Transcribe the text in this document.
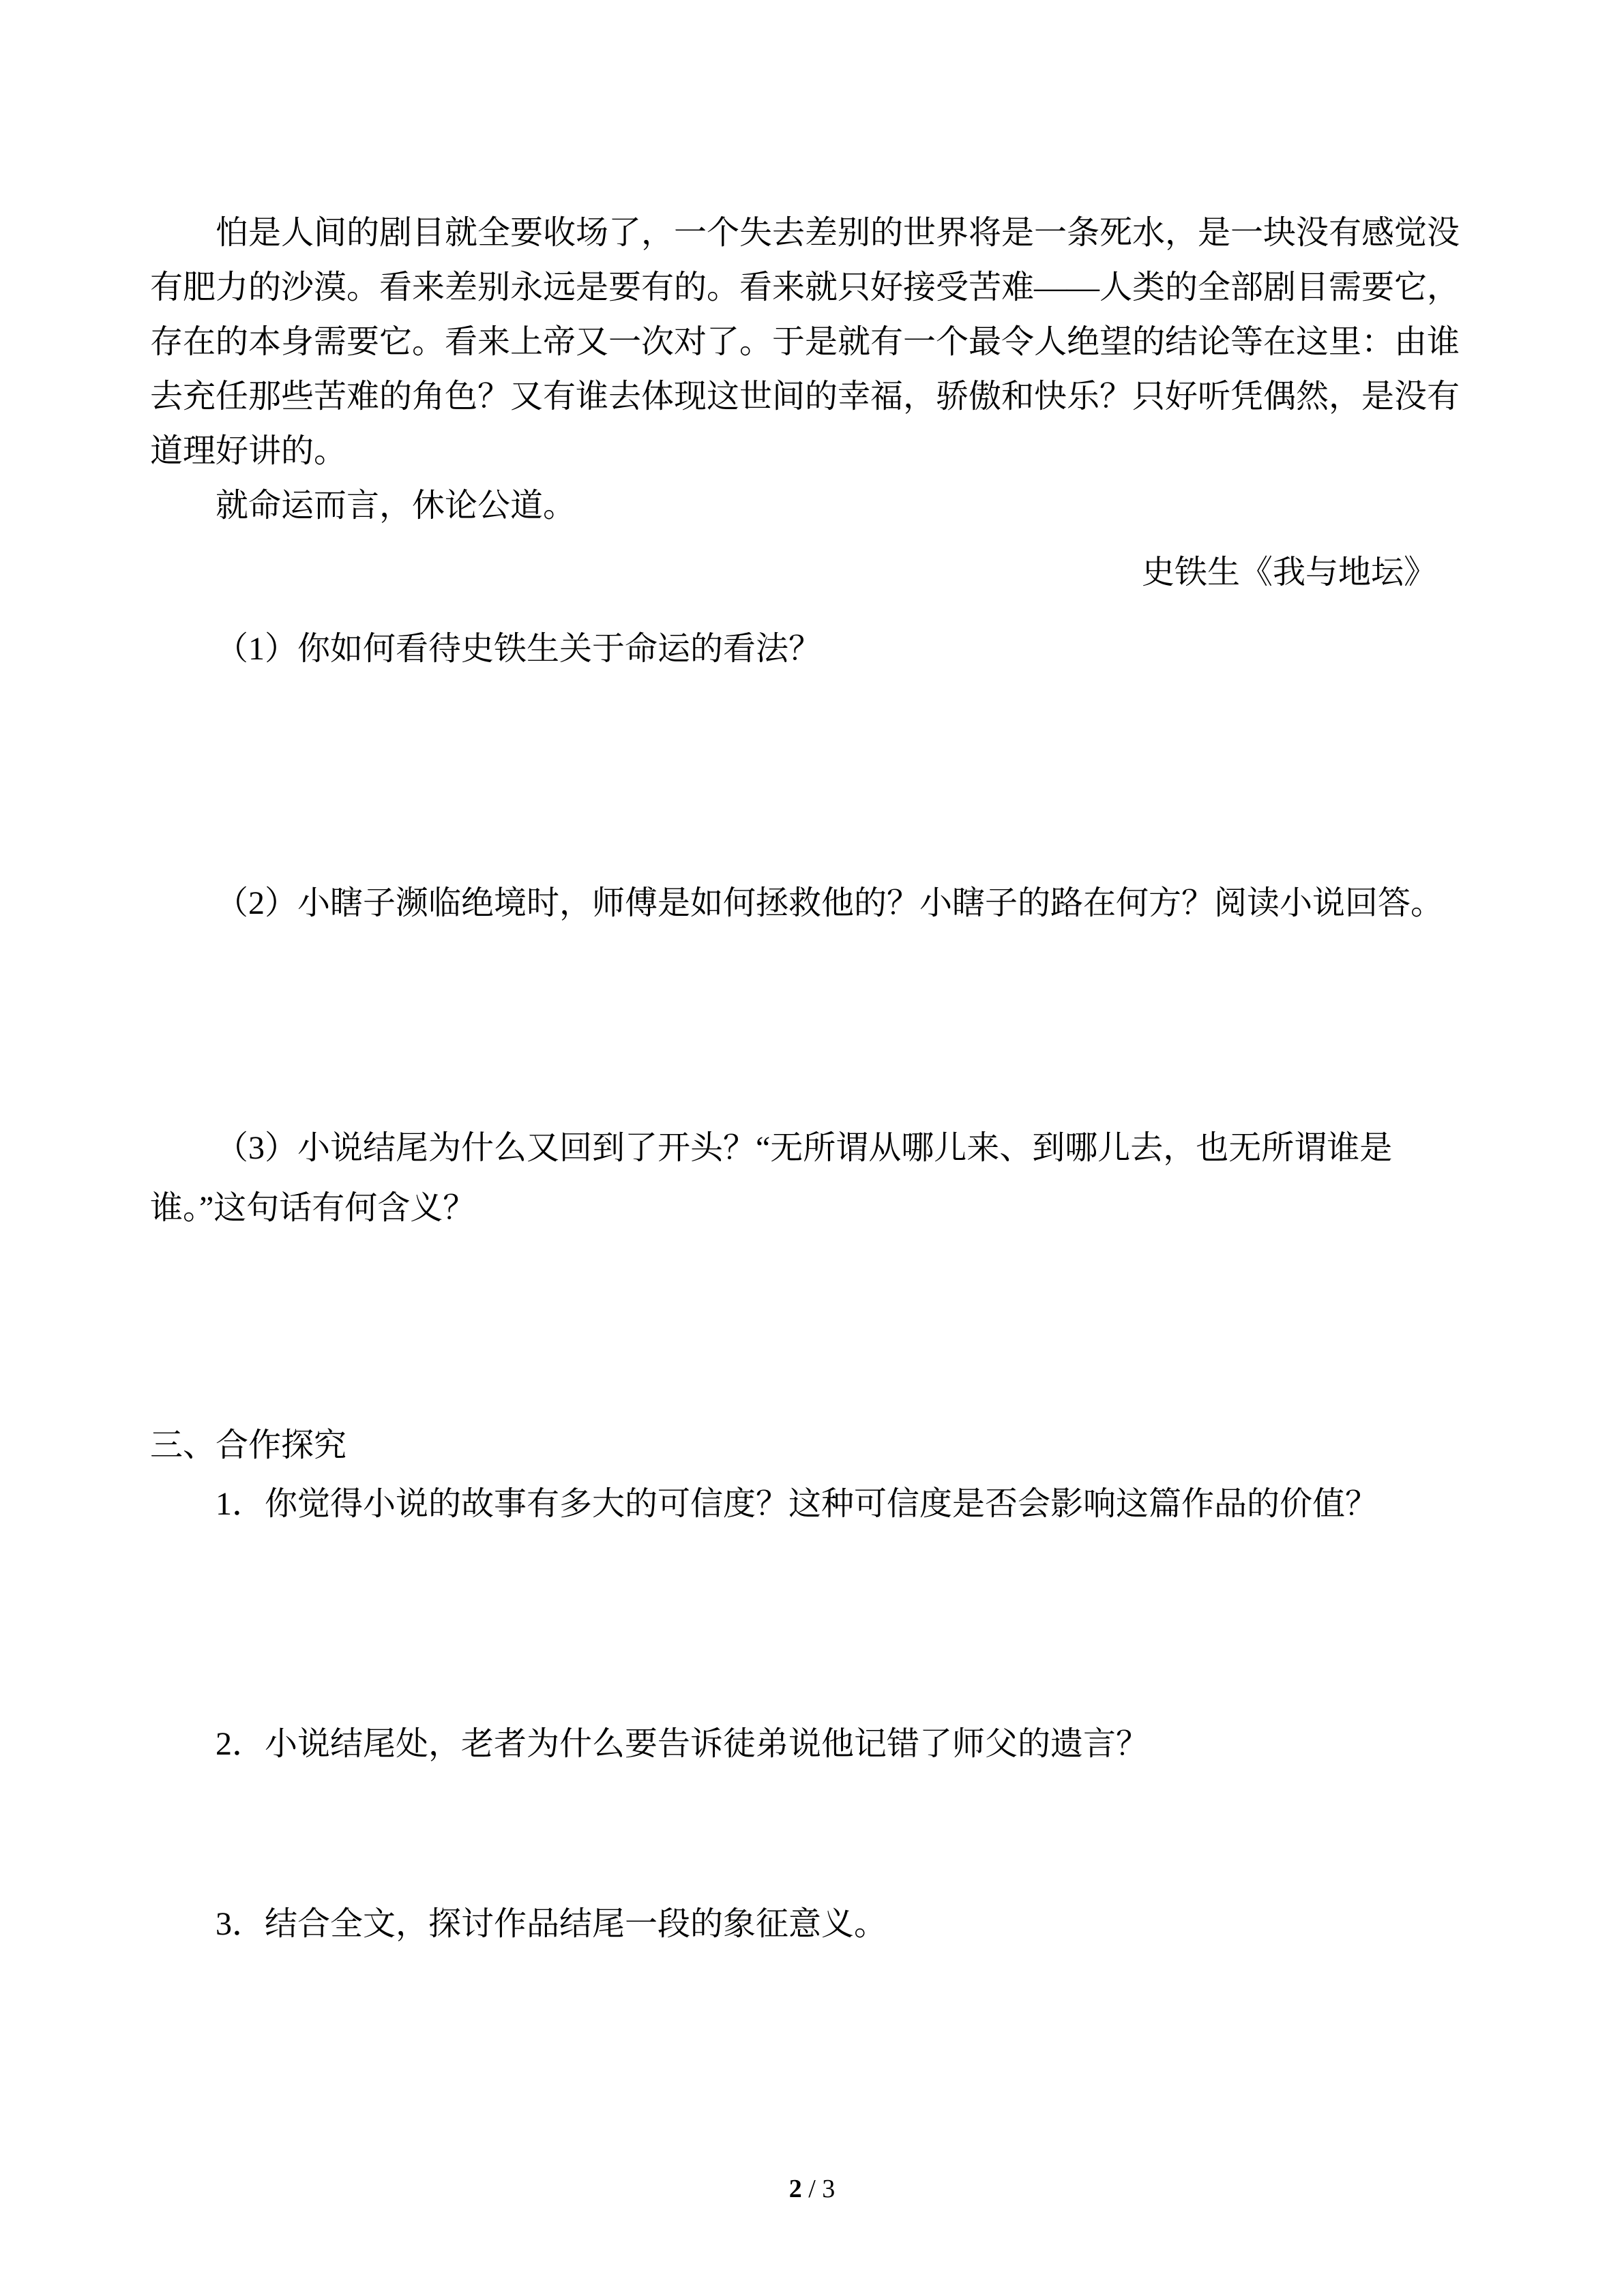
怕是人间的剧目就全要收场了，一个失去差别的世界将是一条死水，是一块没有感觉没
有肥力的沙漠。看来差别永远是要有的。看来就只好接受苦难——人类的全部剧目需要它，
存在的本身需要它。看来上帝又一次对了。于是就有一个最令人绝望的结论等在这里：由谁
去充任那些苦难的角色？又有谁去体现这世间的幸福，骄傲和快乐？只好听凭偶然，是没有
道理好讲的。
就命运而言，休论公道。
史铁生《我与地坛》
（1）你如何看待史铁生关于命运的看法？
（2）小瞎子濒临绝境时，师傅是如何拯救他的？小瞎子的路在何方？阅读小说回答。
（3）小说结尾为什么又回到了开头？“无所谓从哪儿来、到哪儿去，也无所谓谁是
谁。”这句话有何含义？
三、合作探究
1．你觉得小说的故事有多大的可信度？这种可信度是否会影响这篇作品的价值？
2．小说结尾处，老者为什么要告诉徒弟说他记错了师父的遗言？
3．结合全文，探讨作品结尾一段的象征意义。
2 / 3
